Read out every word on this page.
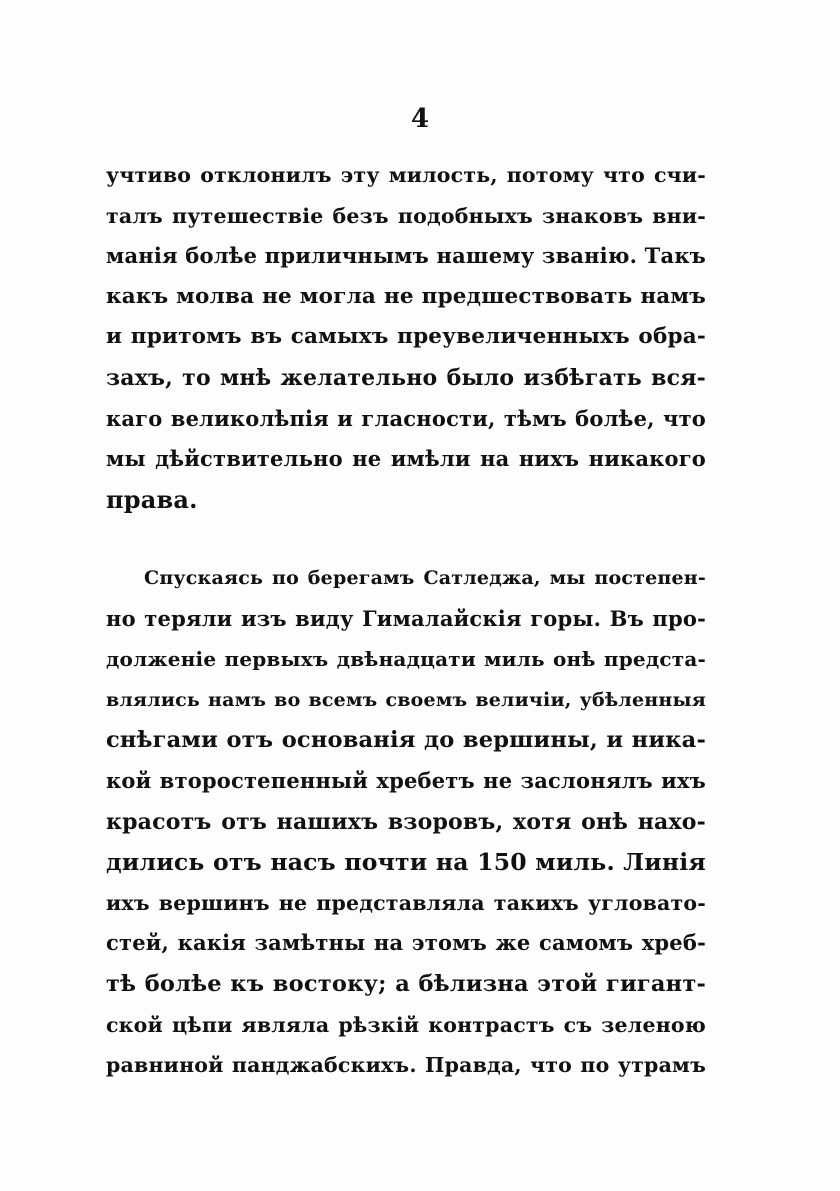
4
учтиво отклонилъ эту милость, потому что счи-
талъ путешествіе безъ подобныхъ знаковъ вни-
манія болѣе приличнымъ нашему званію. Такъ
какъ молва не могла не предшествовать намъ
и притомъ въ самыхъ преувеличенныхъ обра-
захъ, то мнѣ желательно было избѣгать вся-
каго великолѣпія и гласности, тѣмъ болѣе, что
мы дѣйствительно не имѣли на нихъ никакого
права.
Спускаясь по берегамъ Сатледжа, мы постепен-
но теряли изъ виду Гималайскія горы. Въ про-
долженіе первыхъ двѣнадцати миль онѣ предста-
влялись намъ во всемъ своемъ величіи, убѣленныя
снѣгами отъ основанія до вершины, и ника-
кой второстепенный хребетъ не заслонялъ ихъ
красотъ отъ нашихъ взоровъ, хотя онѣ нахо-
дились отъ насъ почти на 150 миль. Линія
ихъ вершинъ не представляла такихъ угловато-
стей, какія замѣтны на этомъ же самомъ хреб-
тѣ болѣе къ востоку; а бѣлизна этой гигант-
ской цѣпи являла рѣзкій контрастъ съ зеленою
равниной панджабскихъ. Правда, что по утрамъ
